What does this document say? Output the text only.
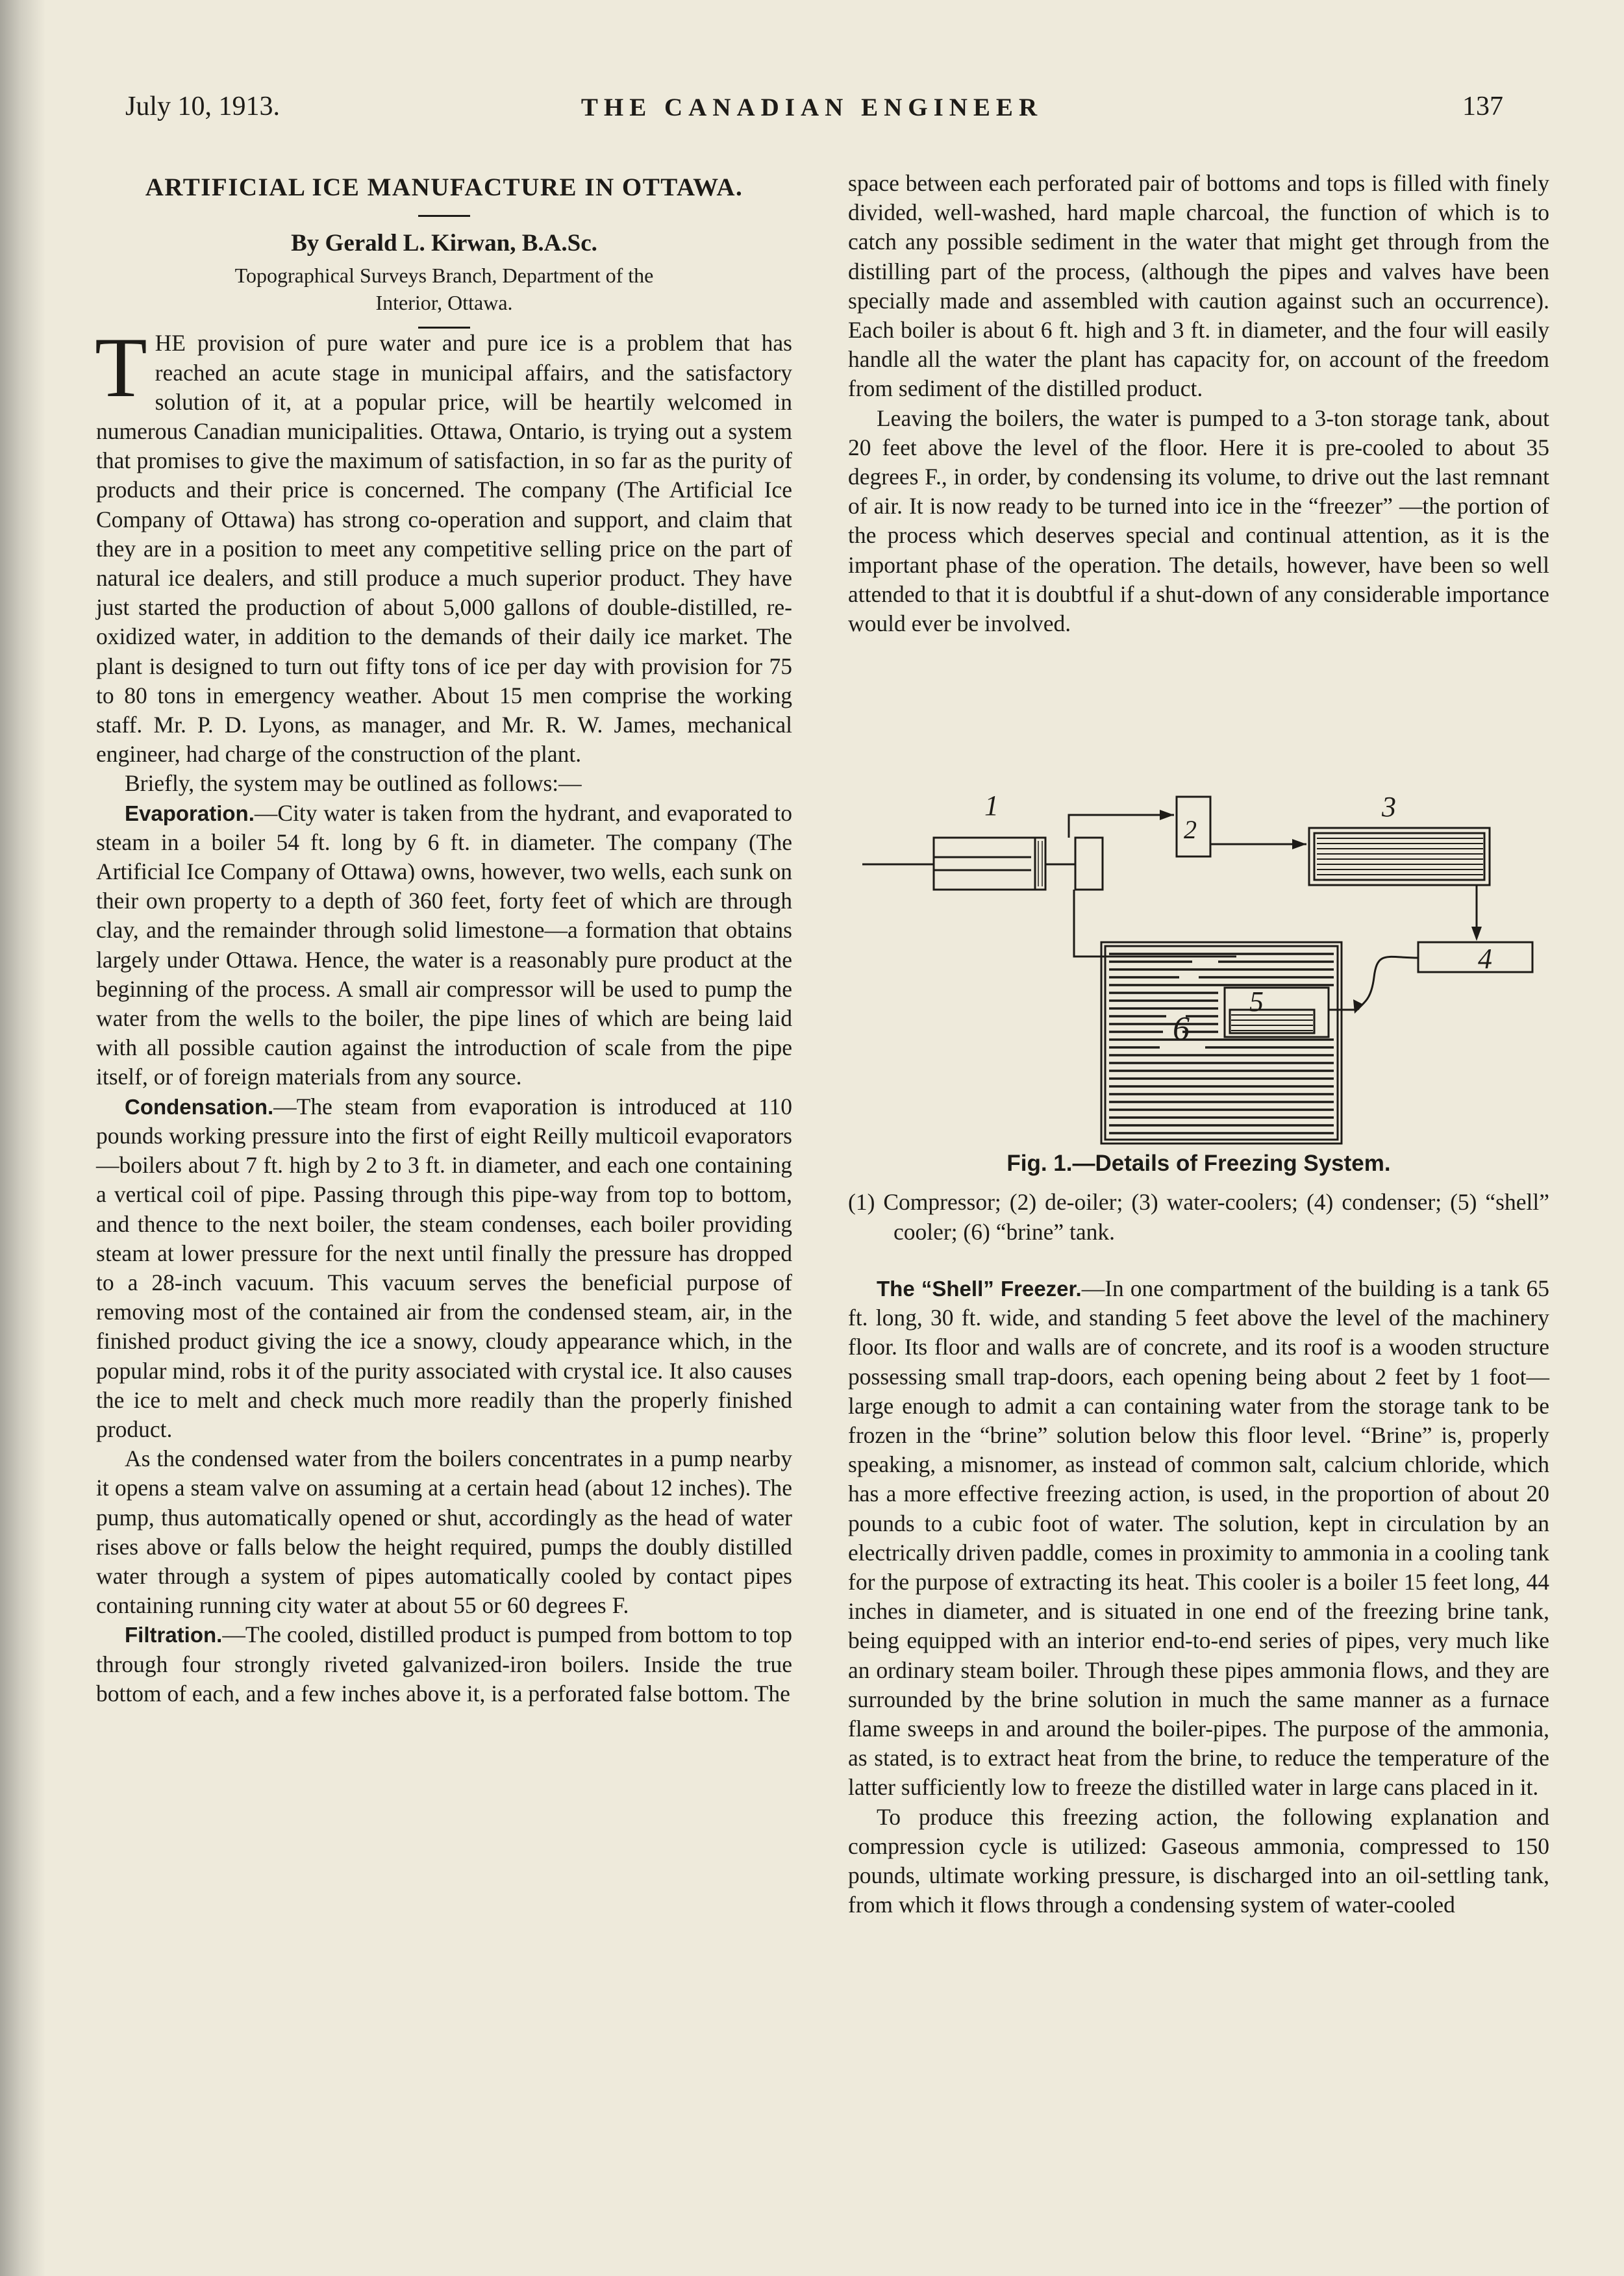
July 10, 1913.	THE CANADIAN ENGINEER	137
ARTIFICIAL ICE MANUFACTURE IN OTTAWA.
By Gerald L. Kirwan, B.A.Sc.
Topographical Surveys Branch, Department of the
Interior, Ottawa.

THE provision of pure water and pure ice is a problem that has reached an acute stage in municipal affairs, and the satisfactory solution of it, at a popular price, will be heartily welcomed in numerous Canadian municipalities. Ottawa, Ontario, is trying out a system that promises to give the maximum of satisfaction, in so far as the purity of products and their price is concerned. The company (The Artificial Ice Company of Ottawa) has strong co-operation and support, and claim that they are in a position to meet any competitive selling price on the part of natural ice dealers, and still produce a much superior product. They have just started the production of about 5,000 gallons of double-distilled, re-oxidized water, in addition to the demands of their daily ice market. The plant is designed to turn out fifty tons of ice per day with provision for 75 to 80 tons in emergency weather. About 15 men comprise the working staff. Mr. P. D. Lyons, as manager, and Mr. R. W. James, mechanical engineer, had charge of the construction of the plant.

Briefly, the system may be outlined as follows:—

Evaporation.—City water is taken from the hydrant, and evaporated to steam in a boiler 54 ft. long by 6 ft. in diameter. The company (The Artificial Ice Company of Ottawa) owns, however, two wells, each sunk on their own property to a depth of 360 feet, forty feet of which are through clay, and the remainder through solid limestone—a formation that obtains largely under Ottawa. Hence, the water is a reasonably pure product at the beginning of the process. A small air compressor will be used to pump the water from the wells to the boiler, the pipe lines of which are being laid with all possible caution against the introduction of scale from the pipe itself, or of foreign materials from any source.

Condensation.—The steam from evaporation is introduced at 110 pounds working pressure into the first of eight Reilly multicoil evaporators—boilers about 7 ft. high by 2 to 3 ft. in diameter, and each one containing a vertical coil of pipe. Passing through this pipe-way from top to bottom, and thence to the next boiler, the steam condenses, each boiler providing steam at lower pressure for the next until finally the pressure has dropped to a 28-inch vacuum. This vacuum serves the beneficial purpose of removing most of the contained air from the condensed steam, air, in the finished product giving the ice a snowy, cloudy appearance which, in the popular mind, robs it of the purity associated with crystal ice. It also causes the ice to melt and check much more readily than the properly finished product.

As the condensed water from the boilers concentrates in a pump nearby it opens a steam valve on assuming at a certain head (about 12 inches). The pump, thus automatically opened or shut, accordingly as the head of water rises above or falls below the height required, pumps the doubly distilled water through a system of pipes automatically cooled by contact pipes containing running city water at about 55 or 60 degrees F.

Filtration.—The cooled, distilled product is pumped from bottom to top through four strongly riveted galvanized-iron boilers. Inside the true bottom of each, and a few inches above it, is a perforated false bottom. The

space between each perforated pair of bottoms and tops is filled with finely divided, well-washed, hard maple charcoal, the function of which is to catch any possible sediment in the water that might get through from the distilling part of the process, (although the pipes and valves have been specially made and assembled with caution against such an occurrence). Each boiler is about 6 ft. high and 3 ft. in diameter, and the four will easily handle all the water the plant has capacity for, on account of the freedom from sediment of the distilled product.

Leaving the boilers, the water is pumped to a 3-ton storage tank, about 20 feet above the level of the floor. Here it is pre-cooled to about 35 degrees F., in order, by condensing its volume, to drive out the last remnant of air. It is now ready to be turned into ice in the “freezer” —the portion of the process which deserves special and continual attention, as it is the important phase of the operation. The details, however, have been so well attended to that it is doubtful if a shut-down of any considerable importance would ever be involved.

1
2
3
4
5
6
Fig. 1.—Details of Freezing System.
(1) Compressor; (2) de-oiler; (3) water-coolers; (4) condenser; (5) “shell” cooler; (6) “brine” tank.

The “Shell” Freezer.—In one compartment of the building is a tank 65 ft. long, 30 ft. wide, and standing 5 feet above the level of the machinery floor. Its floor and walls are of concrete, and its roof is a wooden structure possessing small trap-doors, each opening being about 2 feet by 1 foot—large enough to admit a can containing water from the storage tank to be frozen in the “brine” solution below this floor level. “Brine” is, properly speaking, a misnomer, as instead of common salt, calcium chloride, which has a more effective freezing action, is used, in the proportion of about 20 pounds to a cubic foot of water. The solution, kept in circulation by an electrically driven paddle, comes in proximity to ammonia in a cooling tank for the purpose of extracting its heat. This cooler is a boiler 15 feet long, 44 inches in diameter, and is situated in one end of the freezing brine tank, being equipped with an interior end-to-end series of pipes, very much like an ordinary steam boiler. Through these pipes ammonia flows, and they are surrounded by the brine solution in much the same manner as a furnace flame sweeps in and around the boiler-pipes. The purpose of the ammonia, as stated, is to extract heat from the brine, to reduce the temperature of the latter sufficiently low to freeze the distilled water in large cans placed in it.

To produce this freezing action, the following explanation and compression cycle is utilized: Gaseous ammonia, compressed to 150 pounds, ultimate working pressure, is discharged into an oil-settling tank, from which it flows through a condensing system of water-cooled
